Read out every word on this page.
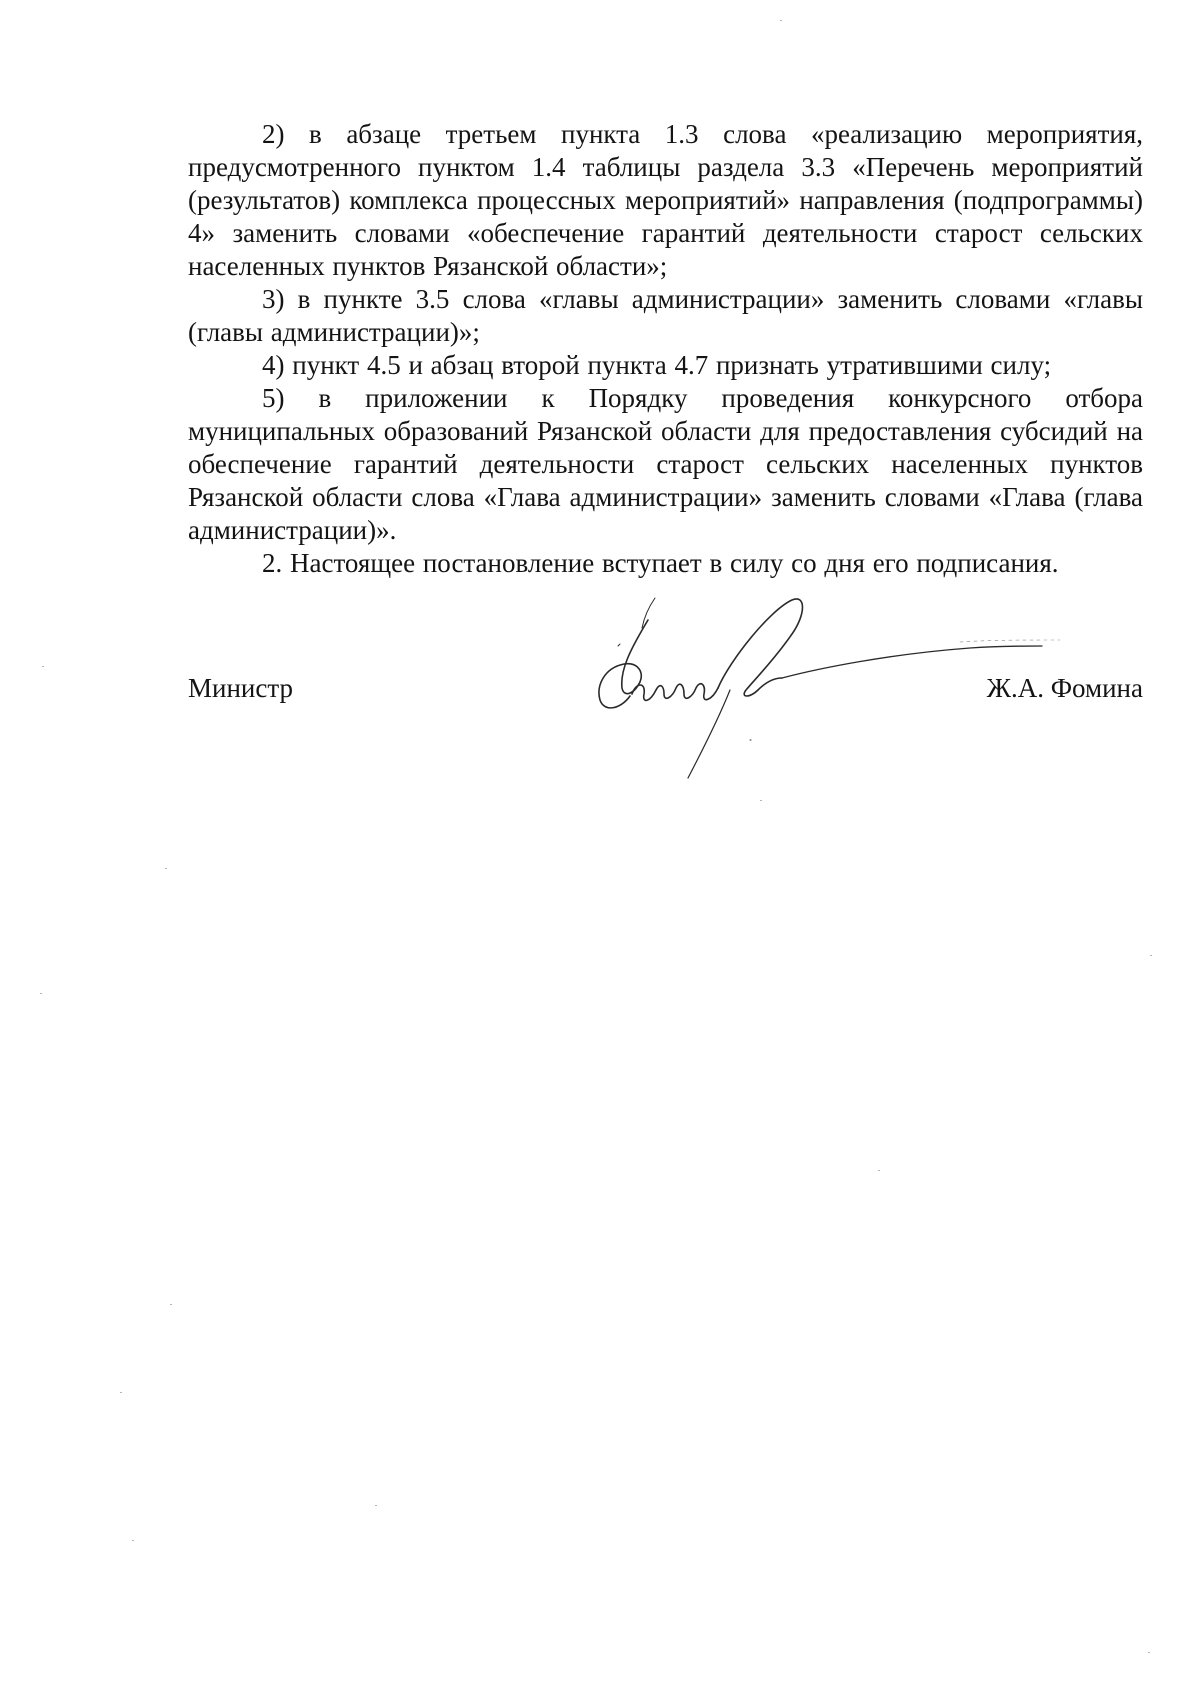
2) в абзаце третьем пункта 1.3 слова «реализацию мероприятия, предусмотренного пунктом 1.4 таблицы раздела 3.3 «Перечень мероприятий (результатов) комплекса процессных мероприятий» направления (подпрограммы) 4» заменить словами «обеспечение гарантий деятельности старост сельских населенных пунктов Рязанской области»;

3) в пункте 3.5 слова «главы администрации» заменить словами «главы (главы администрации)»;

4) пункт 4.5 и абзац второй пункта 4.7 признать утратившими силу;

5) в приложении к Порядку проведения конкурсного отбора муниципальных образований Рязанской области для предоставления субсидий на обеспечение гарантий деятельности старост сельских населенных пунктов Рязанской области слова «Глава администрации» заменить словами «Глава (глава администрации)».

2. Настоящее постановление вступает в силу со дня его подписания.

Министр	Ж.А. Фомина
